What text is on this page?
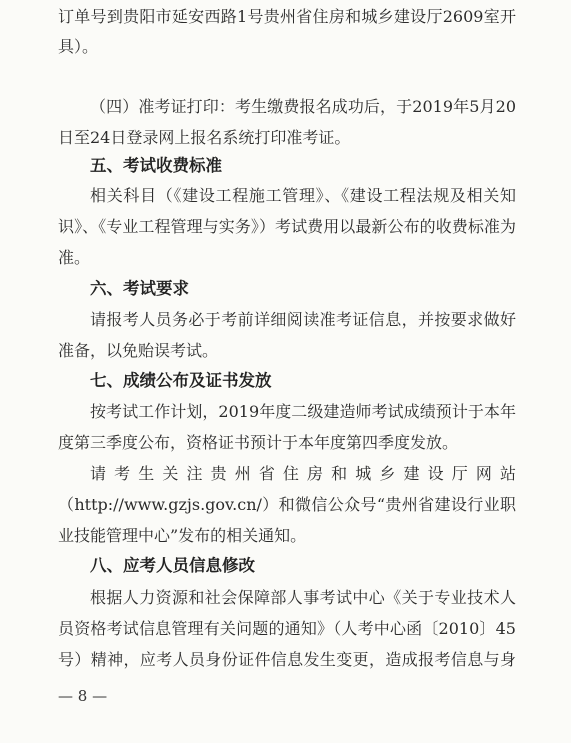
订单号到贵阳市延安西路1号贵州省住房和城乡建设厅2609室开
具）。
（四）准考证打印：考生缴费报名成功后，于2019年5月20
日至24日登录网上报名系统打印准考证。
五、考试收费标准
相关科目（《建设工程施工管理》、《建设工程法规及相关知
识》、《专业工程管理与实务》）考试费用以最新公布的收费标准为
准。
六、考试要求
请报考人员务必于考前详细阅读准考证信息，并按要求做好
准备，以免贻误考试。
七、成绩公布及证书发放
按考试工作计划，2019年度二级建造师考试成绩预计于本年
度第三季度公布，资格证书预计于本年度第四季度发放。
请考生关注贵州省住房和城乡建设厅网站
（http://www.gzjs.gov.cn/）和微信公众号“贵州省建设行业职
业技能管理中心”发布的相关通知。
八、应考人员信息修改
根据人力资源和社会保障部人事考试中心《关于专业技术人
员资格考试信息管理有关问题的通知》（人考中心函〔2010〕45
号）精神，应考人员身份证件信息发生变更，造成报考信息与身
— 8 —
